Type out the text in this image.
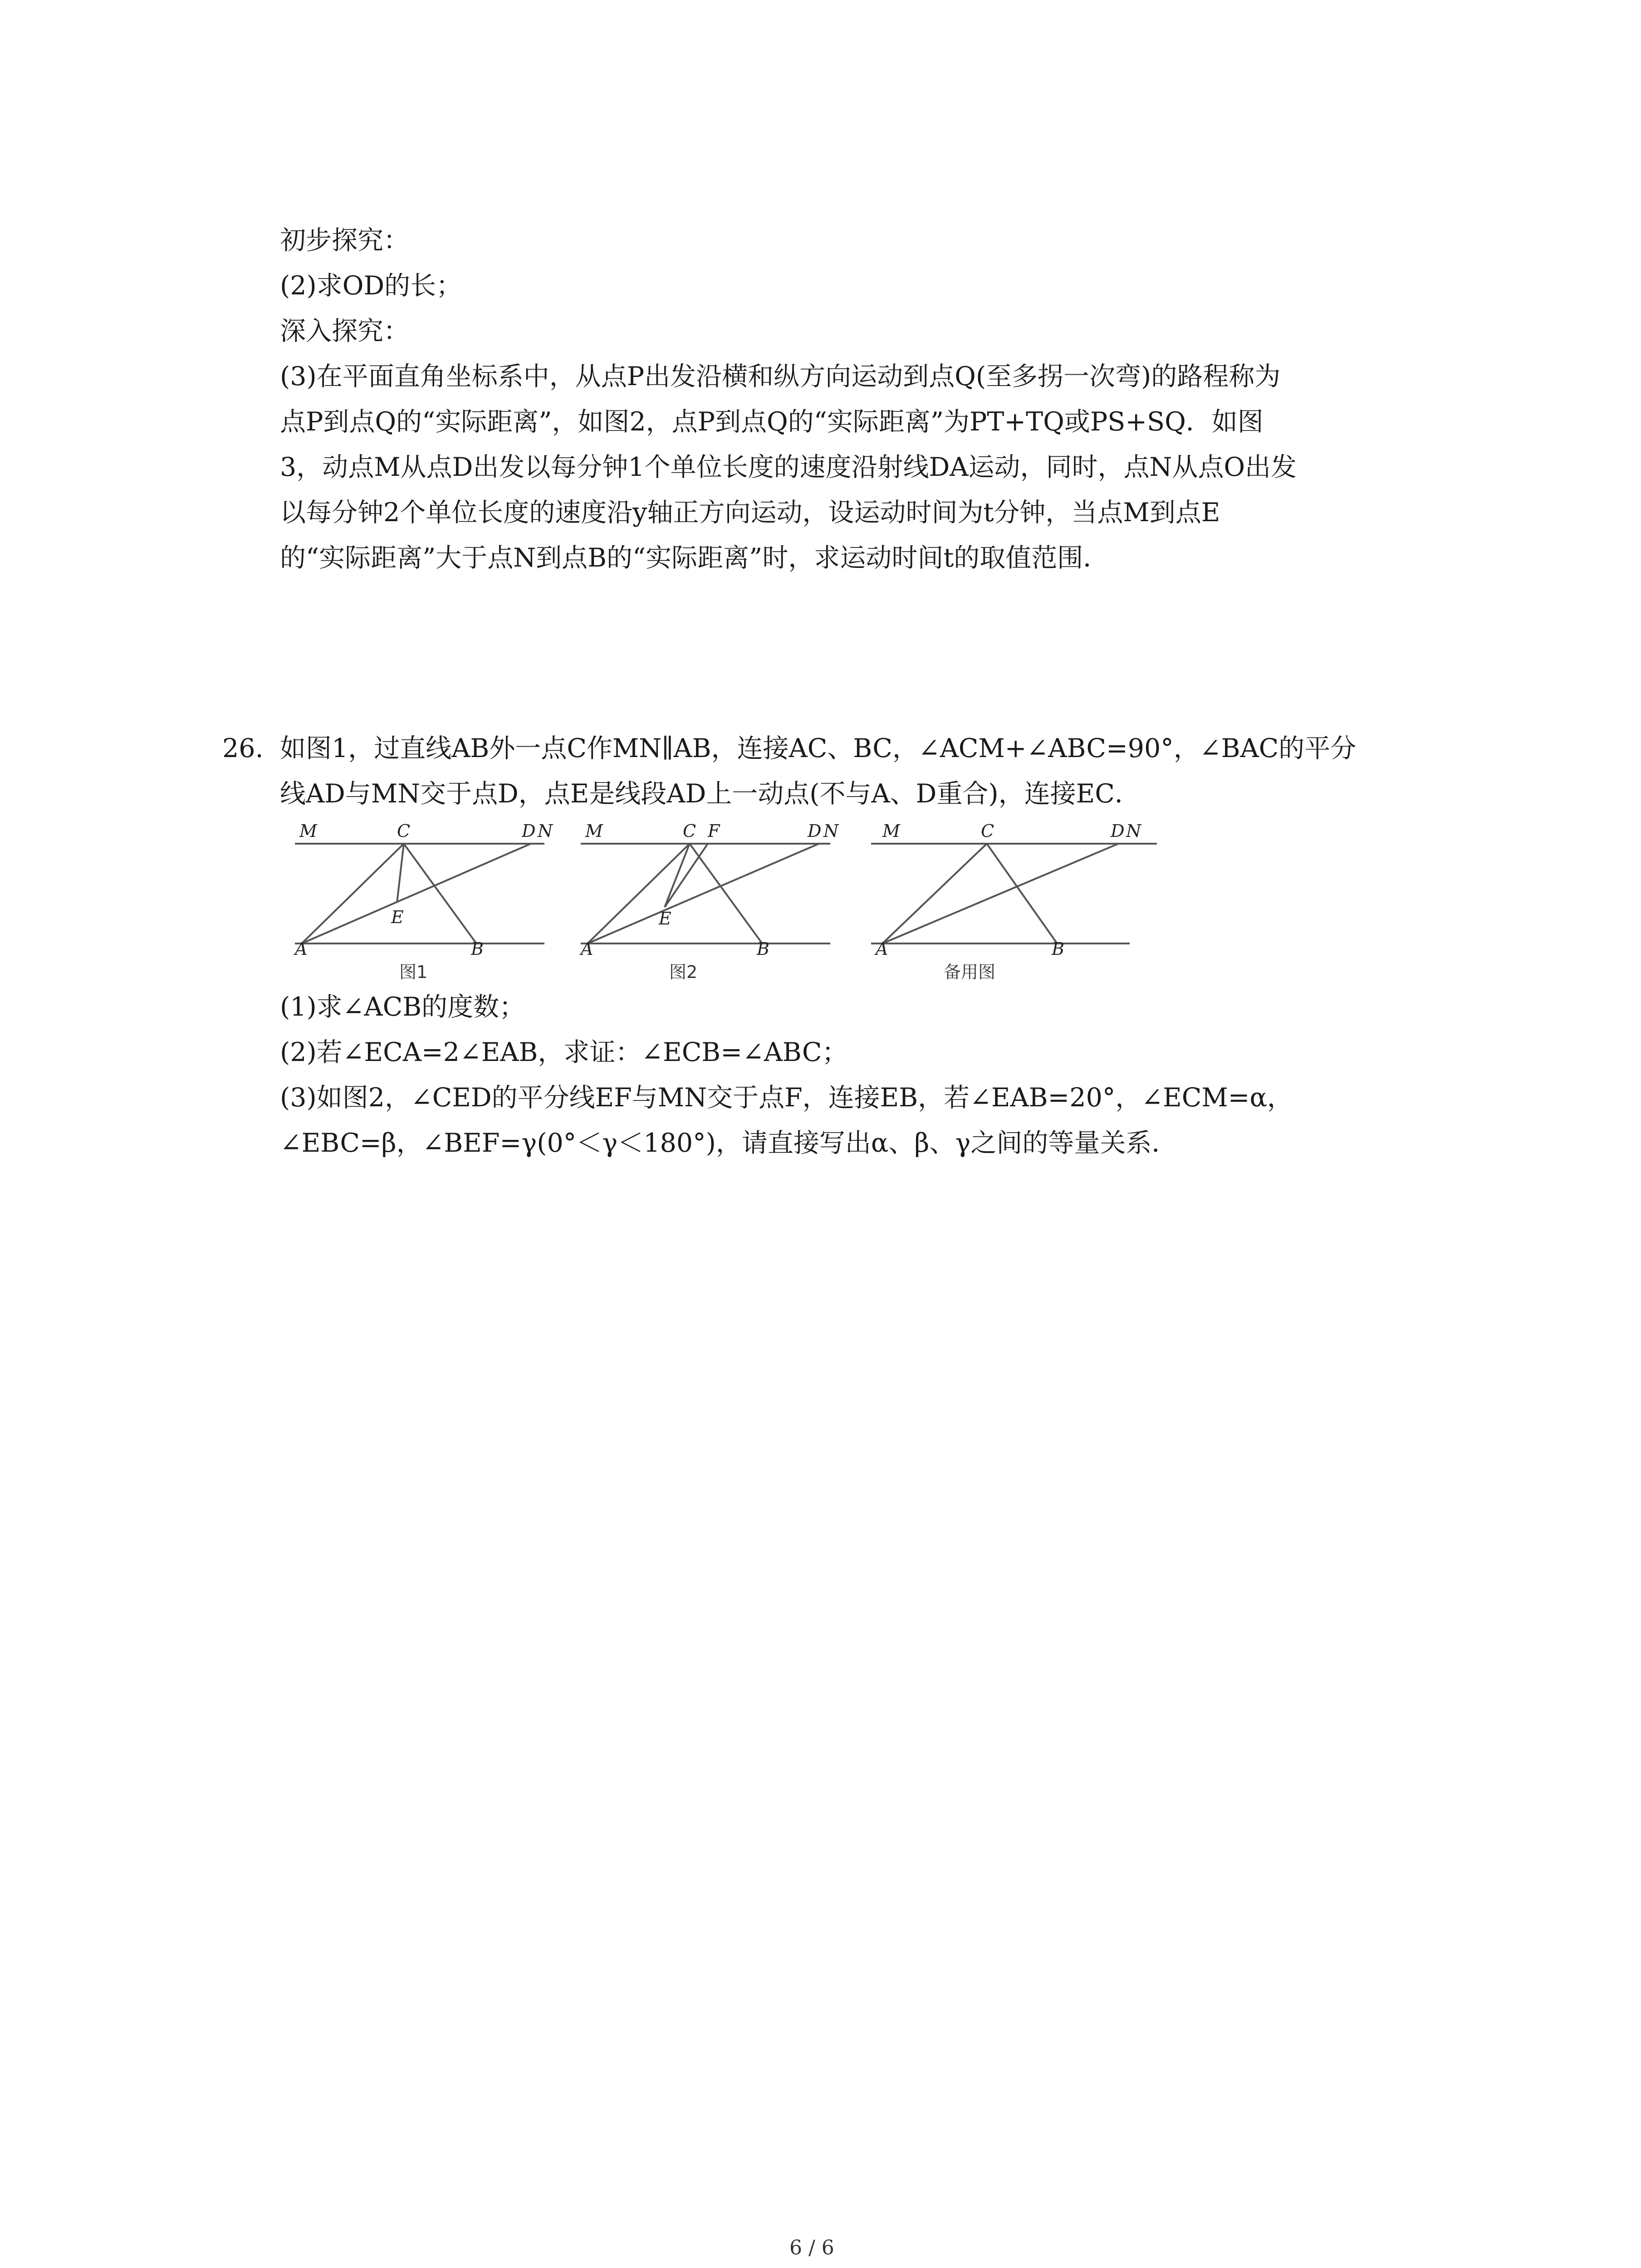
初步探究：
(2)求OD的长；
深入探究：
(3)在平面直角坐标系中，从点P出发沿横和纵方向运动到点Q(至多拐一次弯)的路程称为
点P到点Q的“实际距离”，如图2，点P到点Q的“实际距离”为PT+TQ或PS+SQ．如图
3，动点M从点D出发以每分钟1个单位长度的速度沿射线DA运动，同时，点N从点O出发
以每分钟2个单位长度的速度沿y轴正方向运动，设运动时间为t分钟，当点M到点E
的“实际距离”大于点N到点B的“实际距离”时，求运动时间t的取值范围．
26. 如图1，过直线AB外一点C作MN∥AB，连接AC、BC，∠ACM+∠ABC=90°，∠BAC的平分
线AD与MN交于点D，点E是线段AD上一动点(不与A、D重合)，连接EC．
M	C	D N
E
A	B
图1
M	C F	D N
E
A	B
图2
M	C	D N
A	B
备用图
(1)求∠ACB的度数；
(2)若∠ECA=2∠EAB，求证：∠ECB=∠ABC；
(3)如图2，∠CED的平分线EF与MN交于点F，连接EB，若∠EAB=20°，∠ECM=α，
∠EBC=β，∠BEF=γ(0°＜γ＜180°)，请直接写出α、β、γ之间的等量关系．
6 / 6
